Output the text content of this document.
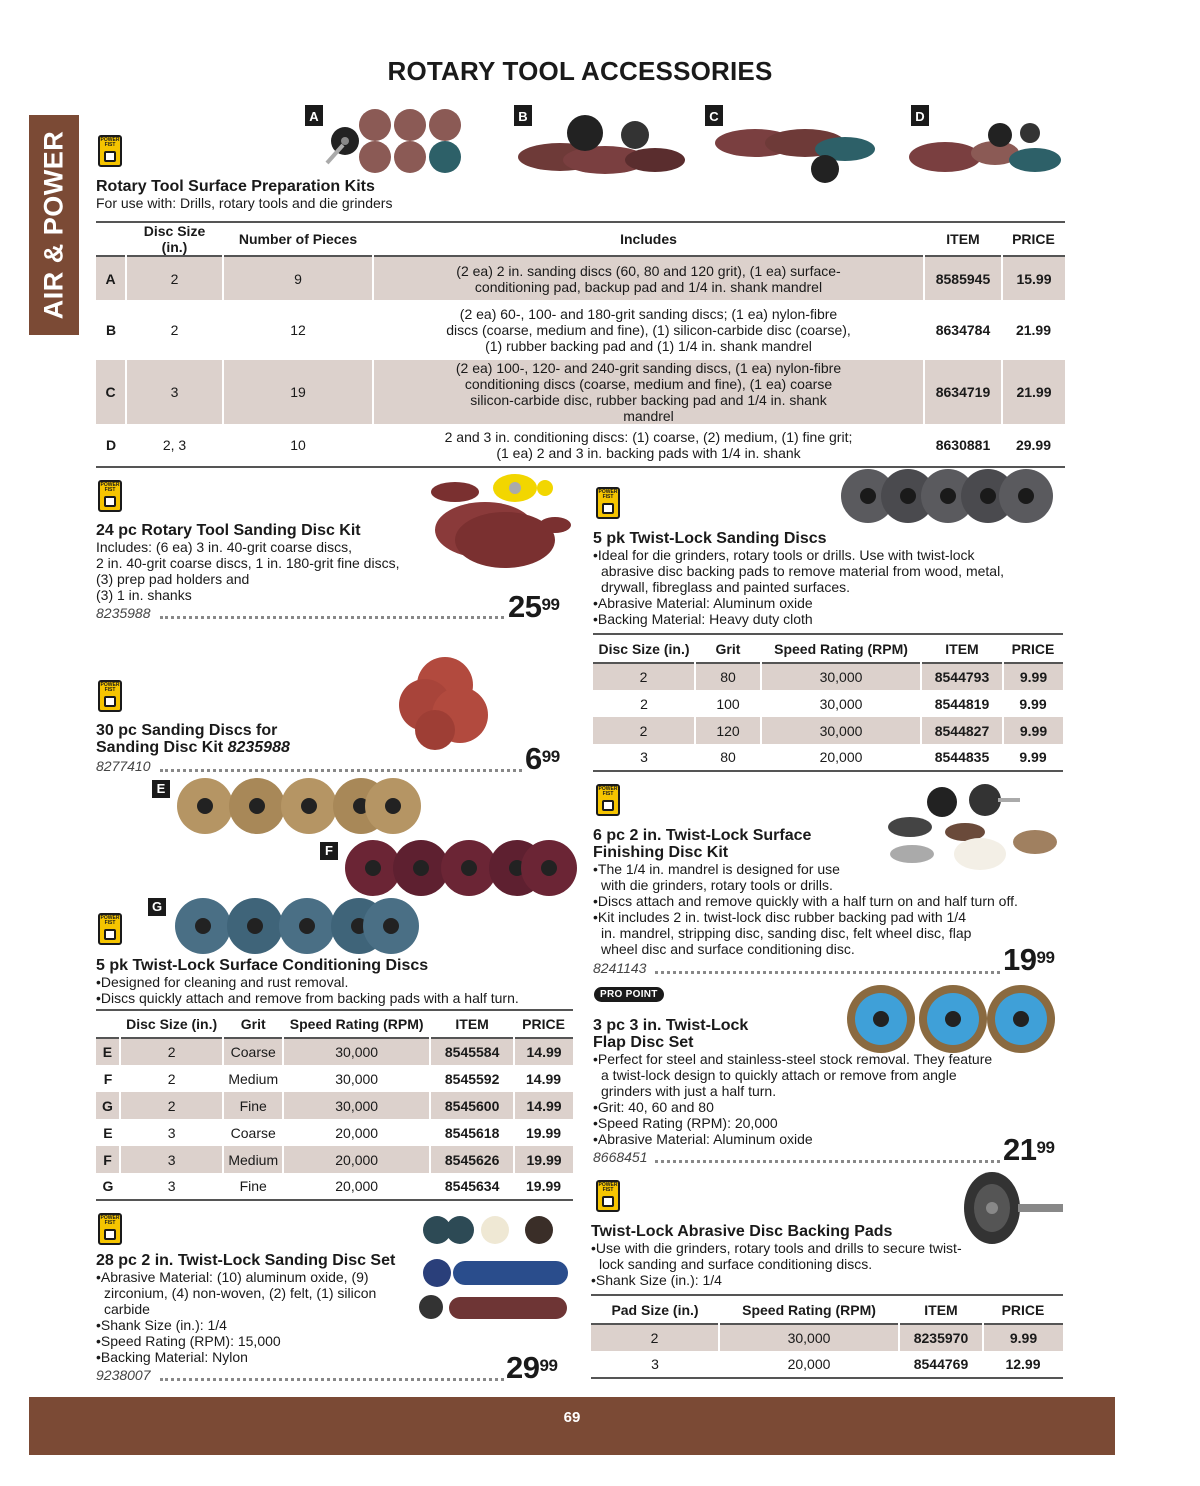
ROTARY TOOL ACCESSORIES
AIR & POWER	POWER FIST
A	B	C	D
Rotary Tool Surface Preparation Kits
For use with: Drills, rotary tools and die grinders
	Disc Size (in.)	Number of Pieces	Includes	ITEM	PRICE
A	2	9	(2 ea) 2 in. sanding discs (60, 80 and 120 grit), (1 ea) surface-conditioning pad, backup pad and 1/4 in. shank mandrel	8585945	15.99
B	2	12	(2 ea) 60-, 100- and 180-grit sanding discs; (1 ea) nylon-fibre discs (coarse, medium and fine), (1) silicon-carbide disc (coarse), (1) rubber backing pad and (1) 1/4 in. shank mandrel	8634784	21.99
C	3	19	(2 ea) 100-, 120- and 240-grit sanding discs, (1 ea) nylon-fibre conditioning discs (coarse, medium and fine), (1 ea) coarse silicon-carbide disc, rubber backing pad and 1/4 in. shank mandrel	8634719	21.99
D	2, 3	10	2 and 3 in. conditioning discs: (1) coarse, (2) medium, (1) fine grit; (1 ea) 2 and 3 in. backing pads with 1/4 in. shank	8630881	29.99
POWER FIST
24 pc Rotary Tool Sanding Disc Kit
Includes: (6 ea) 3 in. 40-grit coarse discs,
2 in. 40-grit coarse discs, 1 in. 180-grit fine discs,
(3) prep pad holders and
(3) 1 in. shanks
8235988	$25^{99}$
POWER FIST
30 pc Sanding Discs for
Sanding Disc Kit 8235988
8277410	$6^{99}$
E
F
G
POWER FIST
5 pk Twist-Lock Surface Conditioning Discs
• Designed for cleaning and rust removal.
• Discs quickly attach and remove from backing pads with a half turn.
	Disc Size (in.)	Grit	Speed Rating (RPM)	ITEM	PRICE
E	2	Coarse	30,000	8545584	14.99
F	2	Medium	30,000	8545592	14.99
G	2	Fine	30,000	8545600	14.99
E	3	Coarse	20,000	8545618	19.99
F	3	Medium	20,000	8545626	19.99
G	3	Fine	20,000	8545634	19.99
POWER FIST
28 pc 2 in. Twist-Lock Sanding Disc Set
• Abrasive Material: (10) aluminum oxide, (9) zirconium, (4) non-woven, (2) felt, (1) silicon carbide
• Shank Size (in.): 1/4
• Speed Rating (RPM): 15,000
• Backing Material: Nylon
9238007	$29^{99}$
POWER FIST
5 pk Twist-Lock Sanding Discs
• Ideal for die grinders, rotary tools or drills. Use with twist-lock abrasive disc backing pads to remove material from wood, metal, drywall, fibreglass and painted surfaces.
• Abrasive Material: Aluminum oxide
• Backing Material: Heavy duty cloth
Disc Size (in.)	Grit	Speed Rating (RPM)	ITEM	PRICE
2	80	30,000	8544793	9.99
2	100	30,000	8544819	9.99
2	120	30,000	8544827	9.99
3	80	20,000	8544835	9.99
POWER FIST
6 pc 2 in. Twist-Lock Surface
Finishing Disc Kit
• The 1/4 in. mandrel is designed for use with die grinders, rotary tools or drills.
• Discs attach and remove quickly with a half turn on and half turn off.
• Kit includes 2 in. twist-lock disc rubber backing pad with 1/4 in. mandrel, stripping disc, sanding disc, felt wheel disc, flap wheel disc and surface conditioning disc.
8241143	$19^{99}$
PRO POINT
3 pc 3 in. Twist-Lock
Flap Disc Set
• Perfect for steel and stainless-steel stock removal. They feature a twist-lock design to quickly attach or remove from angle grinders with just a half turn.
• Grit: 40, 60 and 80
• Speed Rating (RPM): 20,000
• Abrasive Material: Aluminum oxide
8668451	$21^{99}$
POWER FIST
Twist-Lock Abrasive Disc Backing Pads
• Use with die grinders, rotary tools and drills to secure twist-lock sanding and surface conditioning discs.
• Shank Size (in.): 1/4
Pad Size (in.)	Speed Rating (RPM)	ITEM	PRICE
2	30,000	8235970	9.99
3	20,000	8544769	12.99
69
